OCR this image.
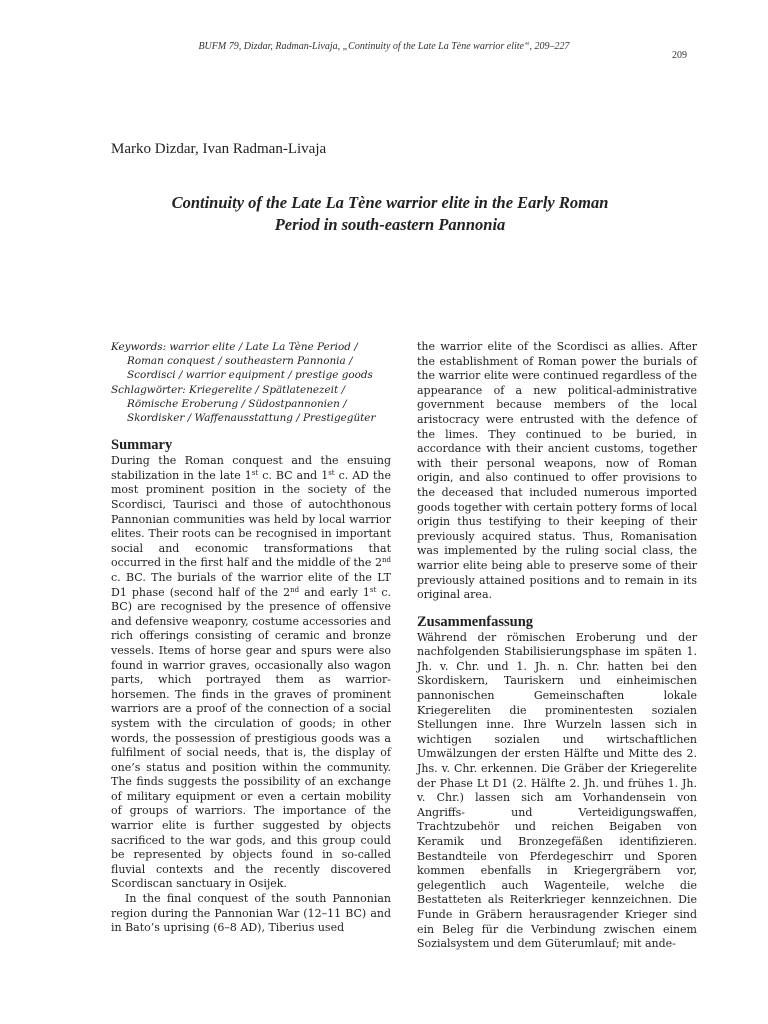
BUFM 79, Dizdar, Radman-Livaja, „Continuity of the Late La Tène warrior elite“, 209–227
209
Marko Dizdar, Ivan Radman-Livaja
Continuity of the Late La Tène warrior elite in the Early Roman
Period in south-eastern Pannonia

Keywords: warrior elite / Late La Tène Period / Roman conquest / southeastern Pannonia / Scordisci / warrior equipment / prestige goods

Schlagwörter: Kriegerelite / Spätlatenezeit / Römische Eroberung / Südostpannonien / Skordisker / Waffenausstattung / Prestigegüter

Summary

During the Roman conquest and the ensuing stabilization in the late 1st c. BC and 1st c. AD the most prominent position in the society of the Scordisci, Taurisci and those of autochthonous Pannonian communities was held by local warrior elites. Their roots can be recognised in important social and economic transformations that occurred in the first half and the middle of the 2nd c. BC. The burials of the warrior elite of the LT D1 phase (second half of the 2nd and early 1st c. BC) are recognised by the presence of offensive and defensive weaponry, costume accessories and rich offerings consisting of ceramic and bronze vessels. Items of horse gear and spurs were also found in warrior graves, occasionally also wagon parts, which portrayed them as warrior-horsemen. The finds in the graves of prominent warriors are a proof of the connection of a social system with the circulation of goods; in other words, the possession of prestigious goods was a fulfilment of social needs, that is, the display of one’s status and position within the community. The finds suggests the possibility of an exchange of military equipment or even a certain mobility of groups of warriors. The importance of the warrior elite is further suggested by objects sacrificed to the war gods, and this group could be represented by objects found in so-called fluvial contexts and the recently discovered Scordiscan sanctuary in Osijek.

In the final conquest of the south Pannonian region during the Pannonian War (12–11 BC) and in Bato’s uprising (6–8 AD), Tiberius used

the warrior elite of the Scordisci as allies. After the establishment of Roman power the burials of the warrior elite were continued regardless of the appearance of a new political-administrative government because members of the local aristocracy were entrusted with the defence of the limes. They continued to be buried, in accordance with their ancient customs, together with their personal weapons, now of Roman origin, and also continued to offer provisions to the deceased that included numerous imported goods together with certain pottery forms of local origin thus testifying to their keeping of their previously acquired status. Thus, Romanisation was implemented by the ruling social class, the warrior elite being able to preserve some of their previously attained positions and to remain in its original area.

Zusammenfassung

Während der römischen Eroberung und der nachfolgenden Stabilisierungsphase im späten 1. Jh. v. Chr. und 1. Jh. n. Chr. hatten bei den Skordiskern, Tauriskern und einheimischen pannonischen Gemeinschaften lokale Kriegereliten die prominentesten sozialen Stellungen inne. Ihre Wurzeln lassen sich in wichtigen sozialen und wirtschaftlichen Umwälzungen der ersten Hälfte und Mitte des 2. Jhs. v. Chr. erkennen. Die Gräber der Kriegerelite der Phase Lt D1 (2. Hälfte 2. Jh. und frühes 1. Jh. v. Chr.) lassen sich am Vorhandensein von Angriffs- und Verteidigungswaffen, Trachtzubehör und reichen Beigaben von Keramik und Bronzegefäßen identifizieren. Bestandteile von Pferdegeschirr und Sporen kommen ebenfalls in Kriegergräbern vor, gelegentlich auch Wagenteile, welche die Bestatteten als Reiterkrieger kennzeichnen. Die Funde in Gräbern herausragender Krieger sind ein Beleg für die Verbindung zwischen einem Sozialsystem und dem Güterumlauf; mit ande-
